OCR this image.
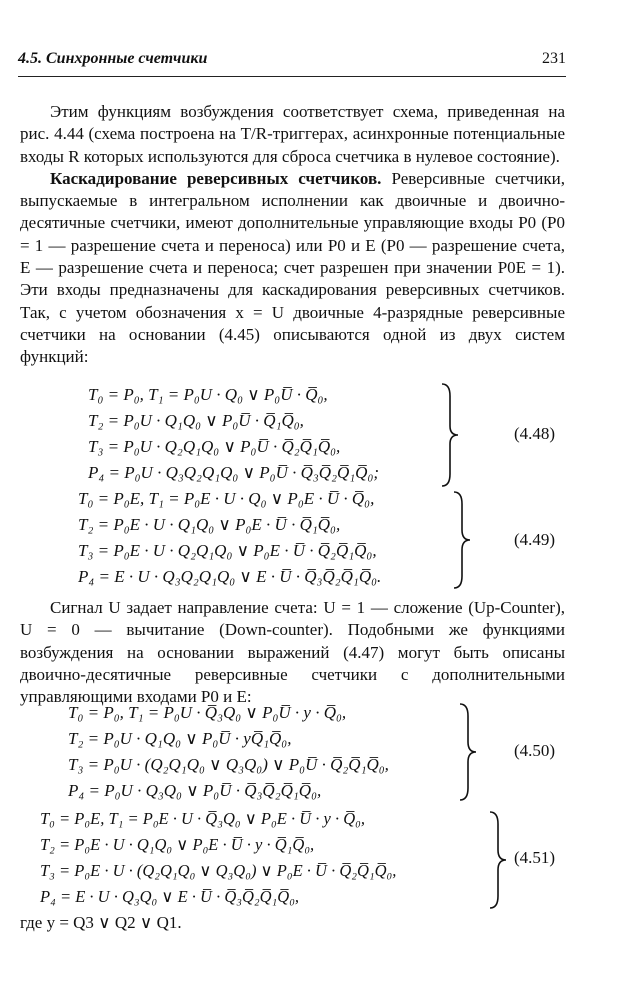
4.5. Синхронные счетчики	231

Этим функциям возбуждения соответствует схема, приведенная на рис. 4.44 (схема построена на T/R-триггерах, асинхронные потенциальные входы R которых используются для сброса счетчика в нулевое состояние).

Каскадирование реверсивных счетчиков. Реверсивные счетчики, выпускаемые в интегральном исполнении как двоичные и двоично-десятичные счетчики, имеют дополнительные управляющие входы P0 (P0 = 1 — разрешение счета и переноса) или P0 и E (P0 — разрешение счета, E — разрешение счета и переноса; счет разрешен при значении P0E = 1). Эти входы предназначены для каскадирования реверсивных счетчиков. Так, с учетом обозначения x = U двоичные 4-разрядные реверсивные счетчики на основании (4.45) описываются одной из двух систем функций:

T₀ = P₀, T₁ = P₀U · Q₀ ∨ P₀U̅ · Q̅₀,
T₂ = P₀U · Q₁Q₀ ∨ P₀U̅ · Q̅₁Q̅₀,
T₃ = P₀U · Q₂Q₁Q₀ ∨ P₀U̅ · Q̅₂Q̅₁Q̅₀,
P₄ = P₀U · Q₃Q₂Q₁Q₀ ∨ P₀U̅ · Q̅₃Q̅₂Q̅₁Q̅₀;
(4.48)
T₀ = P₀E, T₁ = P₀E · U · Q₀ ∨ P₀E · U̅ · Q̅₀,
T₂ = P₀E · U · Q₁Q₀ ∨ P₀E · U̅ · Q̅₁Q̅₀,
T₃ = P₀E · U · Q₂Q₁Q₀ ∨ P₀E · U̅ · Q̅₂Q̅₁Q̅₀,
P₄ = E · U · Q₃Q₂Q₁Q₀ ∨ E · U̅ · Q̅₃Q̅₂Q̅₁Q̅₀.
(4.49)

Сигнал U задает направление счета: U = 1 — сложение (Up-Counter), U = 0 — вычитание (Down-counter). Подобными же функциями возбуждения на основании выражений (4.47) могут быть описаны двоично-десятичные реверсивные счетчики с дополнительными управляющими входами P0 и E:

T₀ = P₀, T₁ = P₀U · Q̅₃Q₀ ∨ P₀U̅ · y · Q̅₀,
T₂ = P₀U · Q₁Q₀ ∨ P₀U̅ · yQ̅₁Q̅₀,
T₃ = P₀U · (Q₂Q₁Q₀ ∨ Q₃Q₀) ∨ P₀U̅ · Q̅₂Q̅₁Q̅₀,
P₄ = P₀U · Q₃Q₀ ∨ P₀U̅ · Q̅₃Q̅₂Q̅₁Q̅₀,
(4.50)
T₀ = P₀E, T₁ = P₀E · U · Q̅₃Q₀ ∨ P₀E · U̅ · y · Q̅₀,
T₂ = P₀E · U · Q₁Q₀ ∨ P₀E · U̅ · y · Q̅₁Q̅₀,
T₃ = P₀E · U · (Q₂Q₁Q₀ ∨ Q₃Q₀) ∨ P₀E · U̅ · Q̅₂Q̅₁Q̅₀,
P₄ = E · U · Q₃Q₀ ∨ E · U̅ · Q̅₃Q̅₂Q̅₁Q̅₀,
(4.51)
где y = Q3 ∨ Q2 ∨ Q1.
